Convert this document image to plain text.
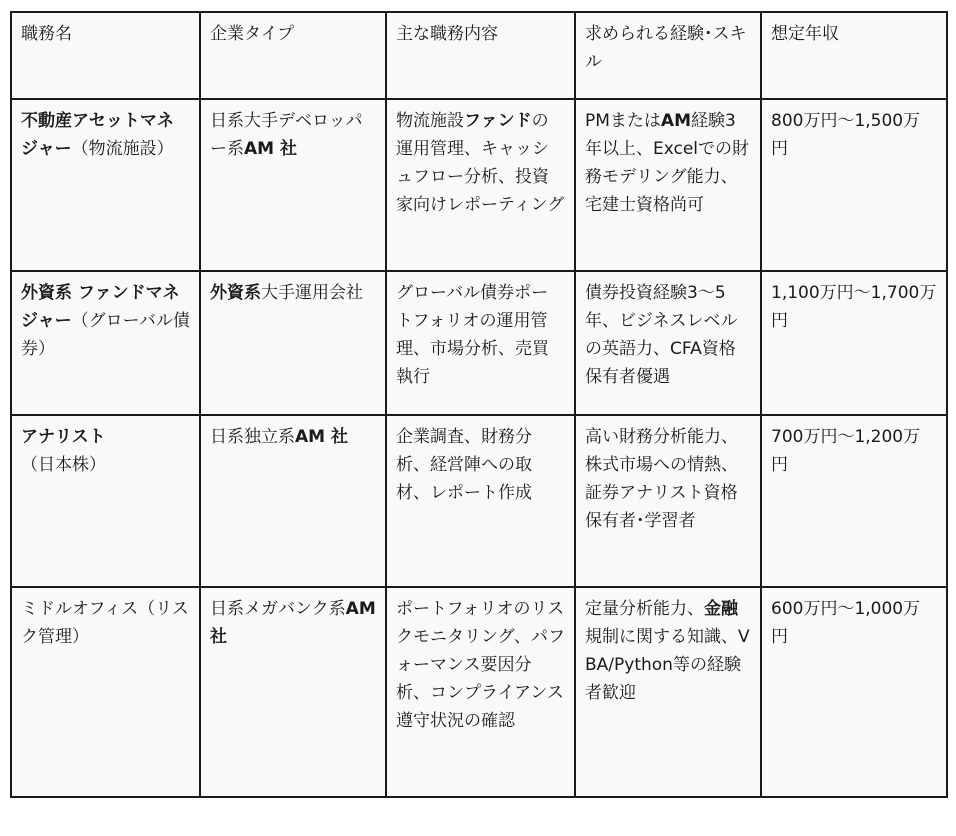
職務名	企業タイプ	主な職務内容	求められる経験･スキル	想定年収
不動産アセットマネジャー（物流施設）	日系大手デベロッパー系AM 社	物流施設ファンドの運用管理、キャッシュフロー分析、投資家向けレポーティング	PMまたはAM経験3年以上、Excelでの財務モデリング能力、宅建士資格尚可	800万円〜1,500万円
外資系 ファンドマネジャー（グローバル債券）	外資系大手運用会社	グローバル債券ポートフォリオの運用管理、市場分析、売買執行	債券投資経験3〜5年、ビジネスレベルの英語力、CFA資格保有者優遇	1,100万円〜1,700万円
アナリスト（日本株）	日系独立系AM 社	企業調査、財務分析、経営陣への取材、レポート作成	高い財務分析能力、株式市場への情熱、証券アナリスト資格保有者･学習者	700万円〜1,200万円
ミドルオフィス（リスク管理）	日系メガバンク系AM 社	ポートフォリオのリスクモニタリング、パフォーマンス要因分析、コンプライアンス遵守状況の確認	定量分析能力、金融規制に関する知識、VBA/Python等の経験者歓迎	600万円〜1,000万円
